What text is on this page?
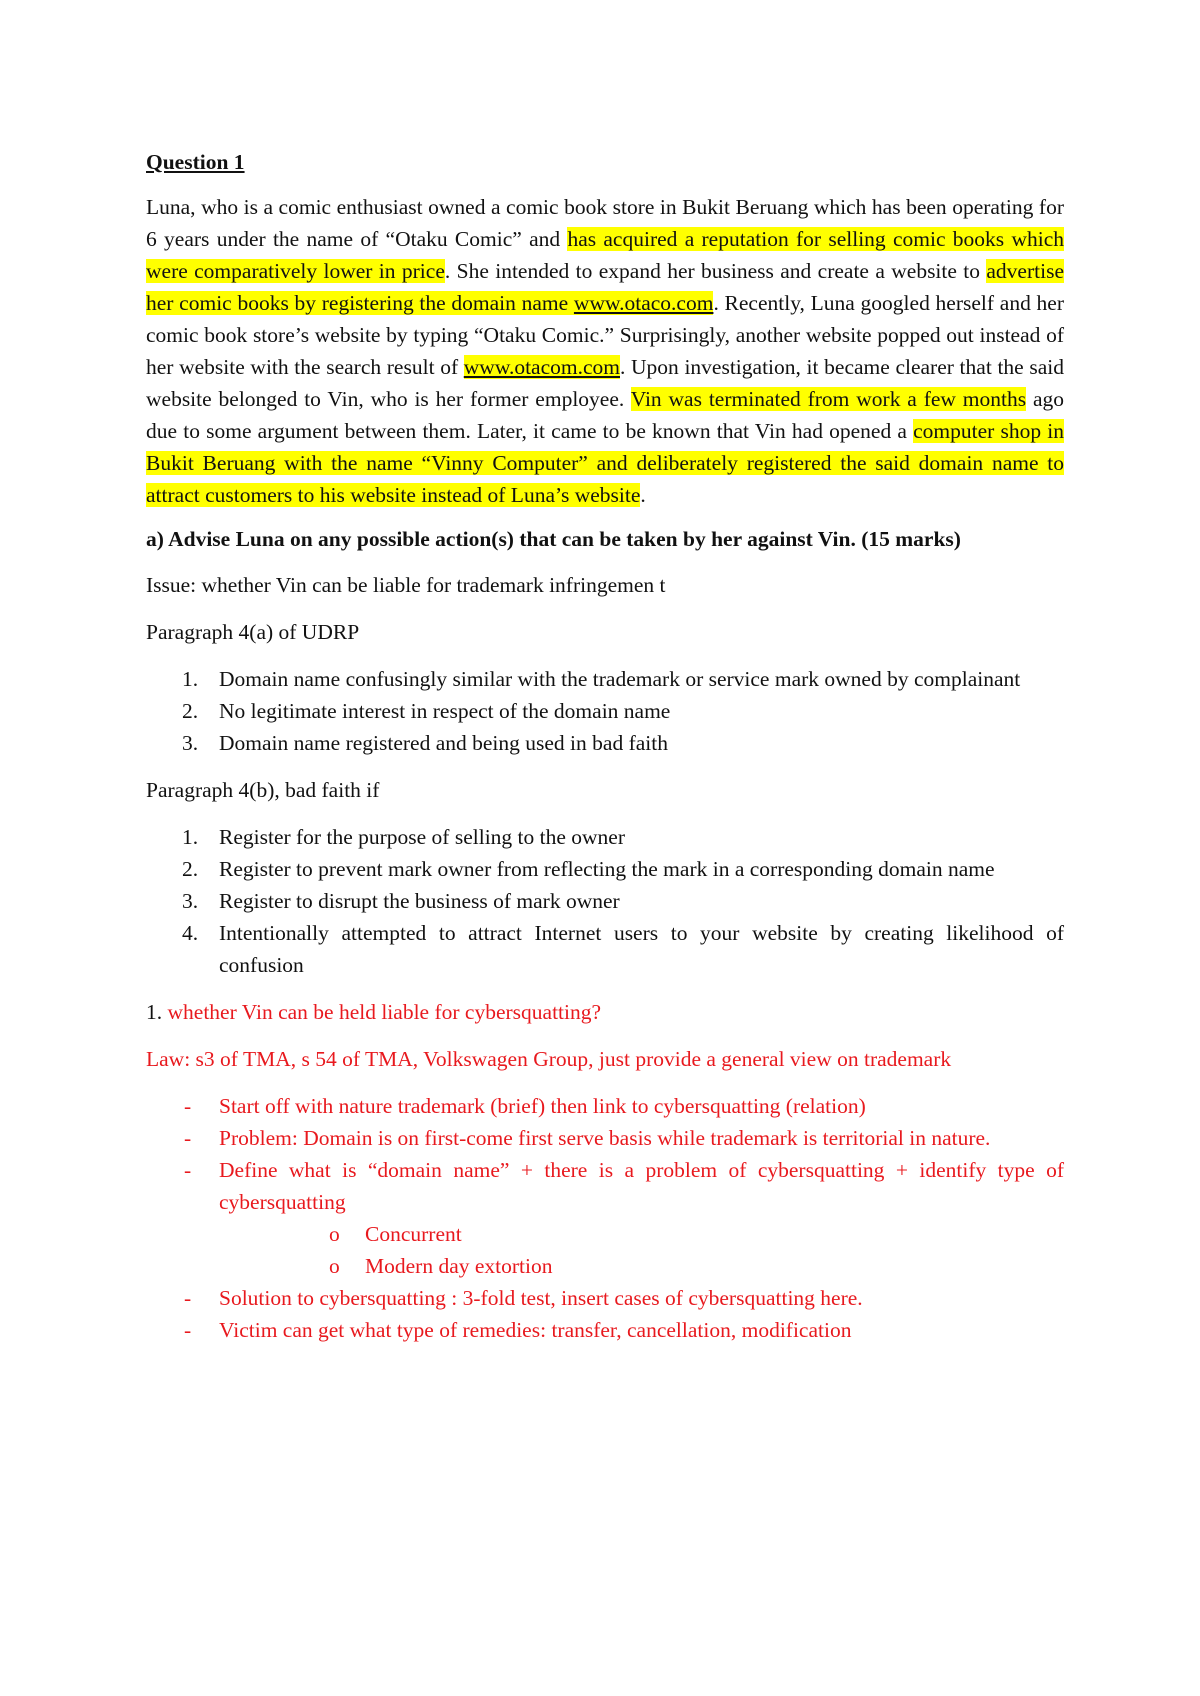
Question 1
Luna, who is a comic enthusiast owned a comic book store in Bukit Beruang which has been operating for 6 years under the name of “Otaku Comic” and has acquired a reputation for selling comic books which were comparatively lower in price. She intended to expand her business and create a website to advertise her comic books by registering the domain name www.otaco.com. Recently, Luna googled herself and her comic book store’s website by typing “Otaku Comic.” Surprisingly, another website popped out instead of her website with the search result of www.otacom.com. Upon investigation, it became clearer that the said website belonged to Vin, who is her former employee. Vin was terminated from work a few months ago due to some argument between them. Later, it came to be known that Vin had opened a computer shop in Bukit Beruang with the name “Vinny Computer” and deliberately registered the said domain name to attract customers to his website instead of Luna’s website.
a) Advise Luna on any possible action(s) that can be taken by her against Vin. (15 marks)
Issue: whether Vin can be liable for trademark infringemen t
Paragraph 4(a) of UDRP
1. Domain name confusingly similar with the trademark or service mark owned by complainant
2. No legitimate interest in respect of the domain name
3. Domain name registered and being used in bad faith
Paragraph 4(b), bad faith if
1. Register for the purpose of selling to the owner
2. Register to prevent mark owner from reflecting the mark in a corresponding domain name
3. Register to disrupt the business of mark owner
4. Intentionally attempted to attract Internet users to your website by creating likelihood of confusion
1. whether Vin can be held liable for cybersquatting?
Law: s3 of TMA, s 54 of TMA, Volkswagen Group, just provide a general view on trademark
- Start off with nature trademark (brief) then link to cybersquatting (relation)
- Problem: Domain is on first-come first serve basis while trademark is territorial in nature.
- Define what is “domain name” + there is a problem of cybersquatting + identify type of cybersquatting
o Concurrent
o Modern day extortion
- Solution to cybersquatting : 3-fold test, insert cases of cybersquatting here.
- Victim can get what type of remedies: transfer, cancellation, modification
